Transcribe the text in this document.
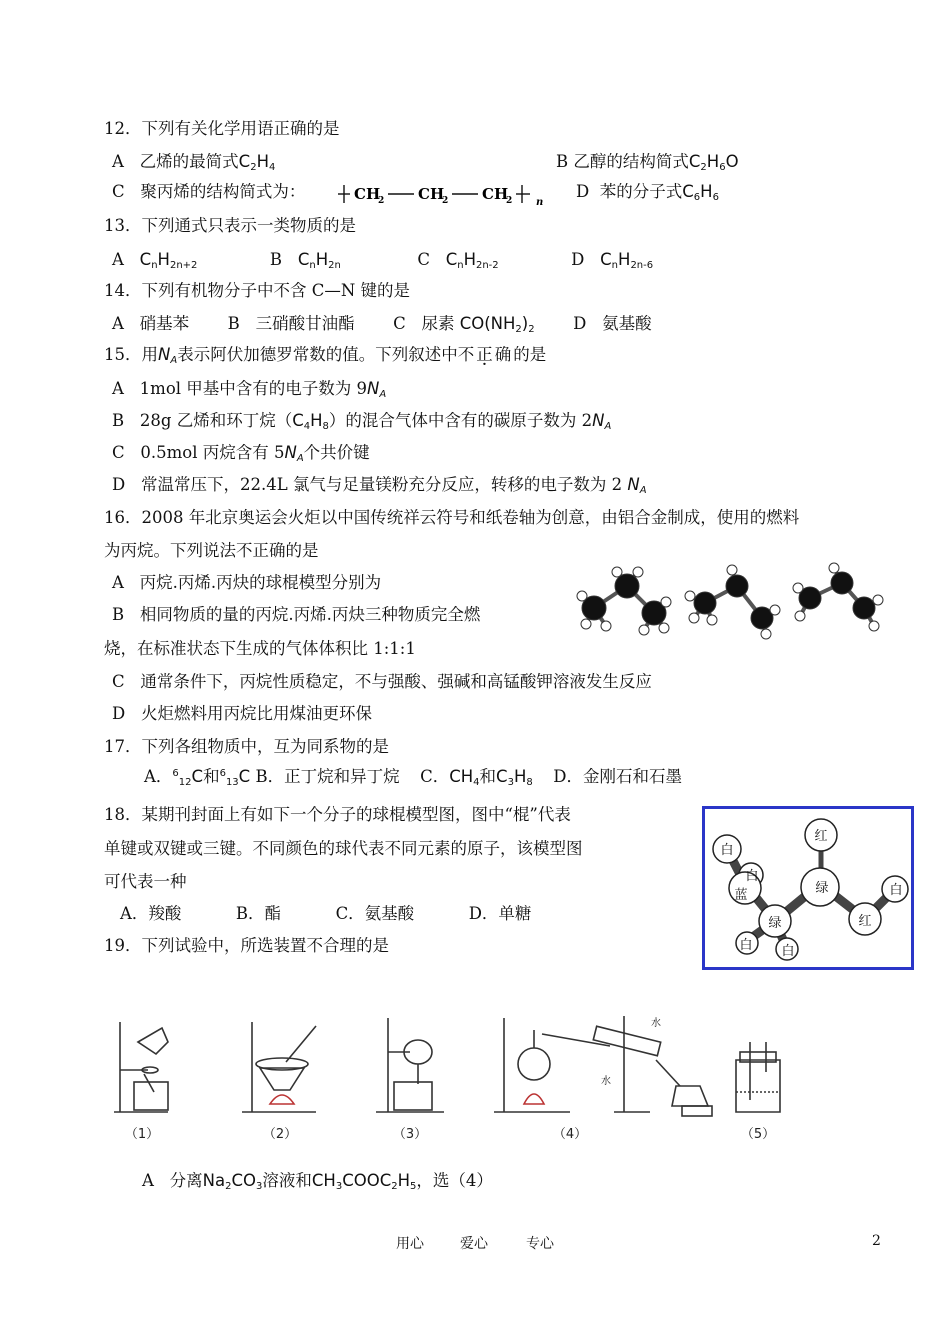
12．下列有关化学用语正确的是
A 乙烯的最简式$C_2H_4$	B 乙醇的结构简式$C_2H_6O$
C 聚丙烯的结构简式为：	CH
2 CH
2 CH
2 n
D 苯的分子式$C_6H_6$
13．下列通式只表示一类物质的是
A $C_nH_{2n+2}$	B $C_nH_{2n}$	C $C_nH_{2n-2}$	D $C_nH_{2n-6}$
14．下列有机物分子中不含 C—N 键的是
A 硝基苯 B 三硝酸甘油酯 C 尿素 $CO(NH_2)_2$ D 氨基酸
15．用$N_A$表示阿伏加德罗常数的值。下列叙述中不正确的是
A 1mol 甲基中含有的电子数为 $9N_A$
B 28g 乙烯和环丁烷$(C_4H_8)$的混合气体中含有的碳原子数为 $2N_A$
C 0.5mol 丙烷含有 $5N_A$个共价键
D 常温常压下，22.4L 氯气与足量镁粉充分反应，转移的电子数为 2 $N_A$
16．2008 年北京奥运会火炬以中国传统祥云符号和纸卷轴为创意，由铝合金制成，使用的燃料
为丙烷。下列说法不正确的是
A 丙烷.丙烯.丙炔的球棍模型分别为
B 相同物质的量的丙烷.丙烯.丙炔三种物质完全燃
烧，在标准状态下生成的气体体积比 1:1:1
C 通常条件下，丙烷性质稳定，不与强酸、强碱和高锰酸钾溶液发生反应
D 火炬燃料用丙烷比用煤油更环保
17．下列各组物质中，互为同系物的是
A．$^6_{12}$C和$^6_{13}$C B．正丁烷和异丁烷 C．$CH_4$和$C_3H_8$ D．金刚石和石墨
18．某期刊封面上有如下一个分子的球棍模型图，图中“棍”代表
单键或双键或三键。不同颜色的球代表不同元素的原子，该模型图
可代表一种
A．羧酸	B．酯	C．氨基酸	D．单糖
白
白
蓝
红
绿
绿
白 白
红
白
19．下列试验中，所选装置不合理的是
（1）	（2）	（3）	（4）	（5）
水
水
A 分离$Na_2CO_3$溶液和$CH_3COOC_2H_5$，选（4）
用心	爱心	专心	2
